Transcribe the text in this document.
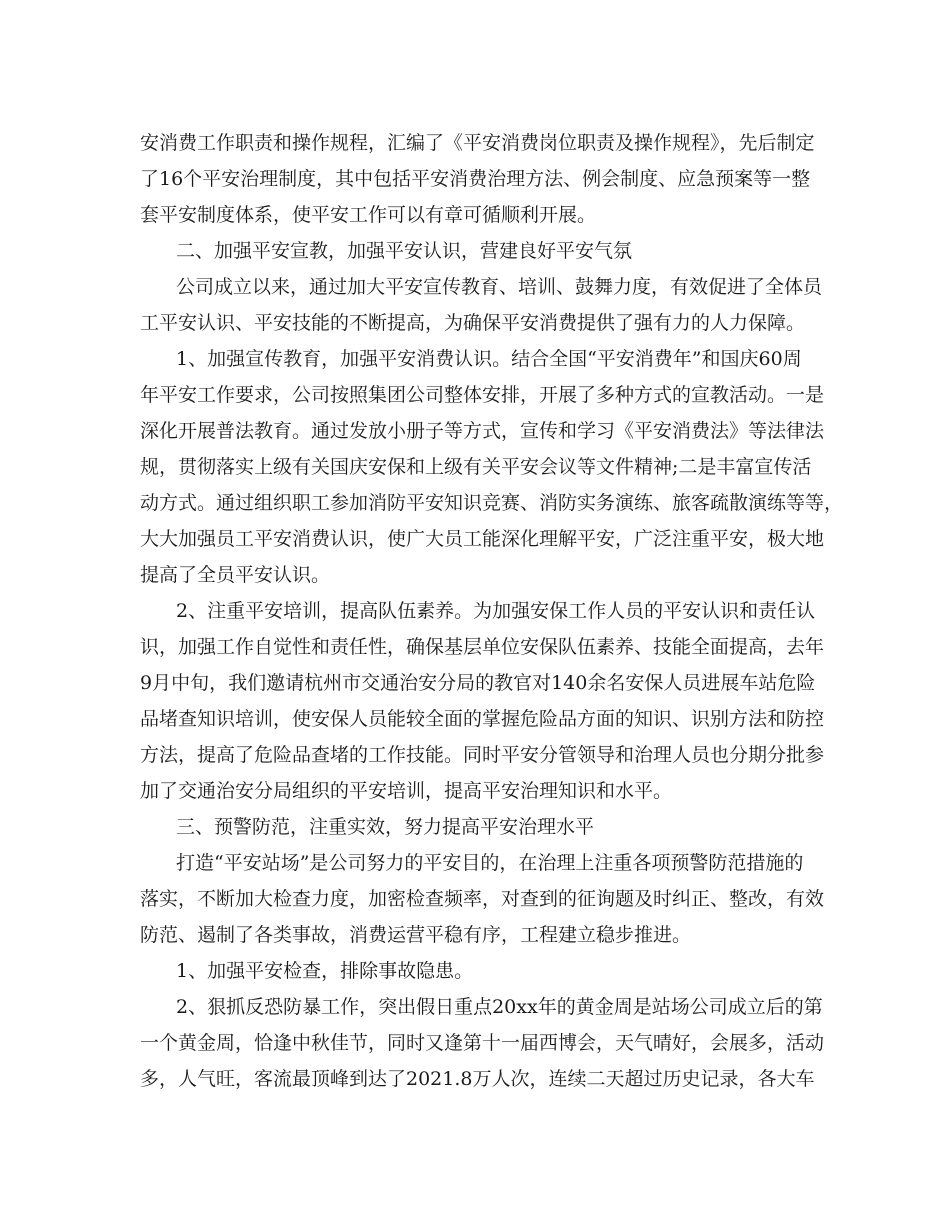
安消费工作职责和操作规程，汇编了《平安消费岗位职责及操作规程》，先后制定
了16个平安治理制度，其中包括平安消费治理方法、例会制度、应急预案等一整
套平安制度体系，使平安工作可以有章可循顺利开展。
二、加强平安宣教，加强平安认识，营建良好平安气氛
公司成立以来，通过加大平安宣传教育、培训、鼓舞力度，有效促进了全体员
工平安认识、平安技能的不断提高，为确保平安消费提供了强有力的人力保障。
1、加强宣传教育，加强平安消费认识。结合全国“平安消费年”和国庆60周
年平安工作要求，公司按照集团公司整体安排，开展了多种方式的宣教活动。一是
深化开展普法教育。通过发放小册子等方式，宣传和学习《平安消费法》等法律法
规，贯彻落实上级有关国庆安保和上级有关平安会议等文件精神;二是丰富宣传活
动方式。通过组织职工参加消防平安知识竞赛、消防实务演练、旅客疏散演练等等，
大大加强员工平安消费认识，使广大员工能深化理解平安，广泛注重平安，极大地
提高了全员平安认识。
2、注重平安培训，提高队伍素养。为加强安保工作人员的平安认识和责任认
识，加强工作自觉性和责任性，确保基层单位安保队伍素养、技能全面提高，去年
9月中旬，我们邀请杭州市交通治安分局的教官对140余名安保人员进展车站危险
品堵查知识培训，使安保人员能较全面的掌握危险品方面的知识、识别方法和防控
方法，提高了危险品查堵的工作技能。同时平安分管领导和治理人员也分期分批参
加了交通治安分局组织的平安培训，提高平安治理知识和水平。
三、预警防范，注重实效，努力提高平安治理水平
打造“平安站场”是公司努力的平安目的，在治理上注重各项预警防范措施的
落实，不断加大检查力度，加密检查频率，对查到的征询题及时纠正、整改，有效
防范、遏制了各类事故，消费运营平稳有序，工程建立稳步推进。
1、加强平安检查，排除事故隐患。
2、狠抓反恐防暴工作，突出假日重点20xx年的黄金周是站场公司成立后的第
一个黄金周，恰逢中秋佳节，同时又逢第十一届西博会，天气晴好，会展多，活动
多，人气旺，客流最顶峰到达了2021.8万人次，连续二天超过历史记录，各大车
